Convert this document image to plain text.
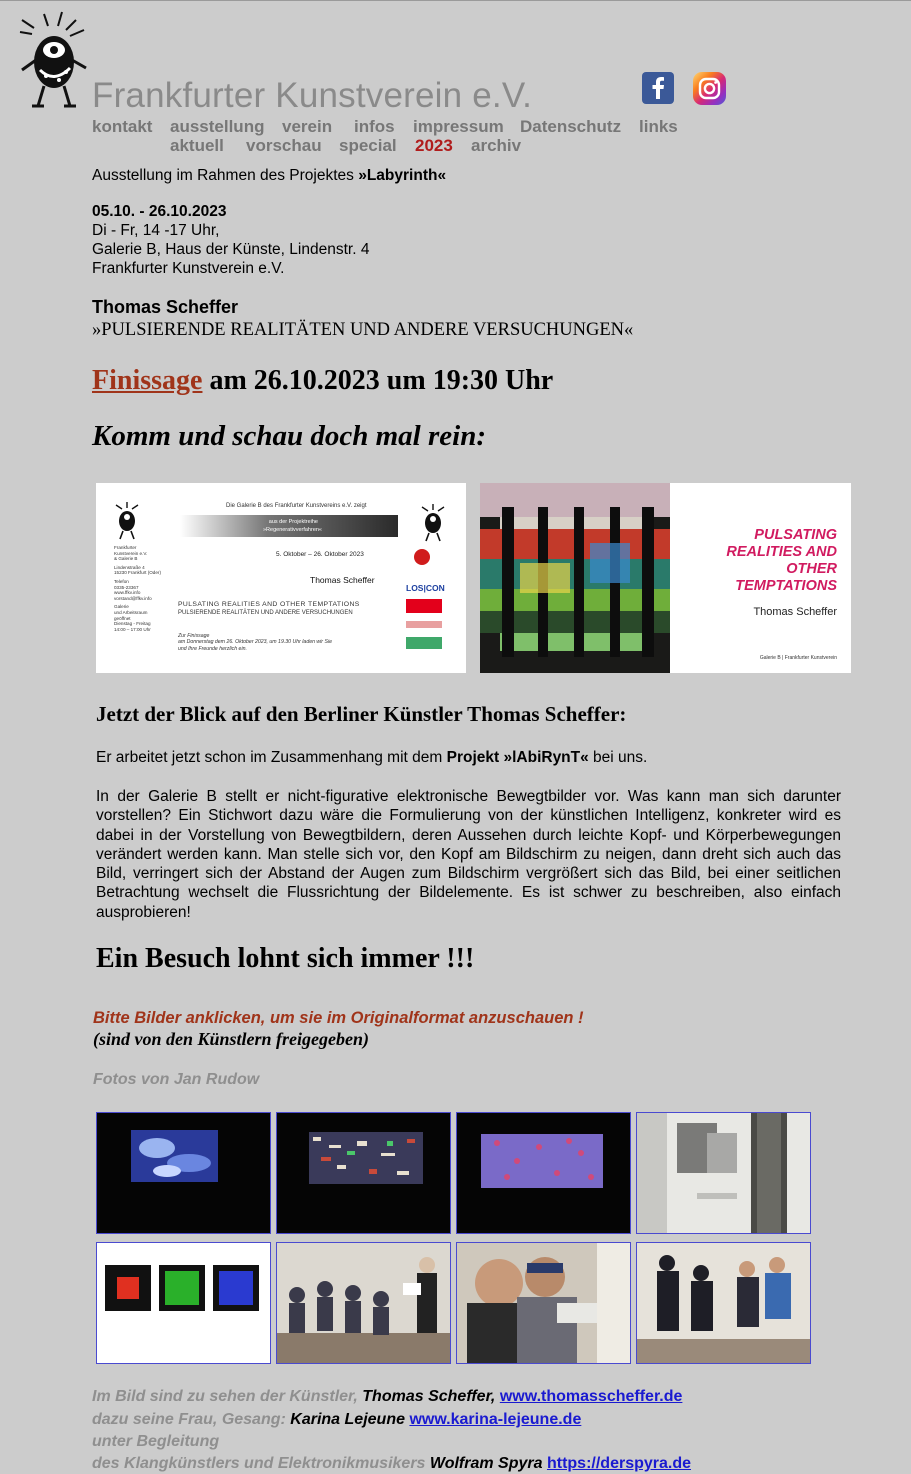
Frankfurter Kunstverein e.V.
kontakt ausstellung verein infos impressum Datenschutz links
aktuell vorschau special 2023 archiv
Ausstellung im Rahmen des Projektes »Labyrinth«
05.10. - 26.10.2023
Di - Fr, 14 -17 Uhr,
Galerie B, Haus der Künste, Lindenstr. 4
Frankfurter Kunstverein e.V.
Thomas Scheffer
»PULSIERENDE REALITÄTEN UND ANDERE VERSUCHUNGEN«
Finissage am 26.10.2023 um 19:30 Uhr
Komm und schau doch mal rein:
Die Galerie B des Frankfurter Kunstvereins e.V. zeigt
aus der Projektreihe
»Regenerativverfahren«
Frankfurter
Kunstverein e.V.
& Galerie B
Lindenstraße 4
15230 Frankfurt (Oder)
Telefon
0335-23367
www.ffkv.info
vorstand@ffkv.info
Galerie
und Arbeitsraum
geöffnet
Dienstag - Freitag
14:00 – 17:00 Uhr
5. Oktober – 26. Oktober 2023
Thomas Scheffer
PULSATING REALITIES AND OTHER TEMPTATIONS
PULSIERENDE REALITÄTEN UND ANDERE VERSUCHUNGEN
Zur Finissage
am Donnerstag dem 26. Oktober 2023, um 19.30 Uhr laden wir Sie
und Ihre Freunde herzlich ein.
LOS|CON
PULSATING
REALITIES AND
OTHER
TEMPTATIONS
Thomas Scheffer
Galerie B | Frankfurter Kunstverein
Jetzt der Blick auf den Berliner Künstler Thomas Scheffer:
Er arbeitet jetzt schon im Zusammenhang mit dem Projekt »lAbiRynT« bei uns.
In der Galerie B stellt er nicht-figurative elektronische Bewegtbilder vor. Was kann man sich darunter vorstellen? Ein Stichwort dazu wäre die Formulierung von der künstlichen Intelligenz, konkreter wird es dabei in der Vorstellung von Bewegtbildern, deren Aussehen durch leichte Kopf- und Körperbewegungen verändert werden kann. Man stelle sich vor, den Kopf am Bildschirm zu neigen, dann dreht sich auch das Bild, verringert sich der Abstand der Augen zum Bildschirm vergrößert sich das Bild, bei einer seitlichen Betrachtung wechselt die Flussrichtung der Bildelemente. Es ist schwer zu beschreiben, also einfach ausprobieren!
Ein Besuch lohnt sich immer !!!
Bitte Bilder anklicken, um sie im Originalformat anzuschauen !
(sind von den Künstlern freigegeben)
Fotos von Jan Rudow
Im Bild sind zu sehen der Künstler, Thomas Scheffer, www.thomasscheffer.de
dazu seine Frau, Gesang: Karina Lejeune www.karina-lejeune.de
unter Begleitung
des Klangkünstlers und Elektronikmusikers Wolfram Spyra https://derspyra.de
